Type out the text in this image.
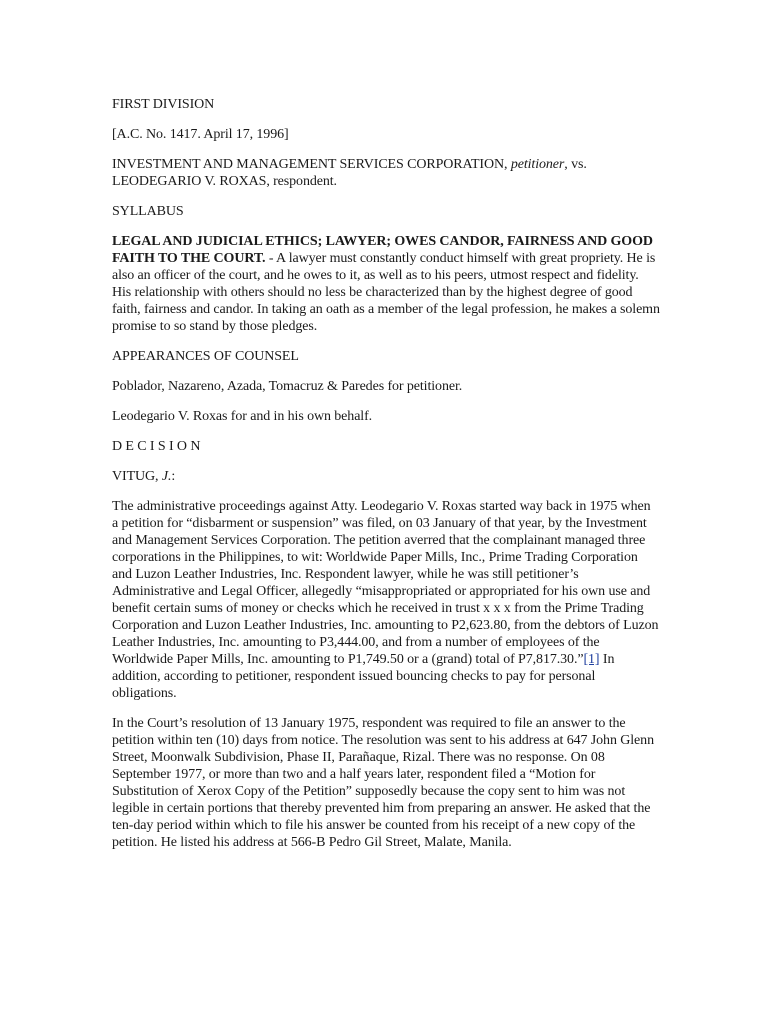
FIRST DIVISION

[A.C. No. 1417. April 17, 1996]

INVESTMENT AND MANAGEMENT SERVICES CORPORATION, petitioner, vs. LEODEGARIO V. ROXAS, respondent.

SYLLABUS

LEGAL AND JUDICIAL ETHICS; LAWYER; OWES CANDOR, FAIRNESS AND GOOD FAITH TO THE COURT. - A lawyer must constantly conduct himself with great propriety. He is also an officer of the court, and he owes to it, as well as to his peers, utmost respect and fidelity. His relationship with others should no less be characterized than by the highest degree of good faith, fairness and candor. In taking an oath as a member of the legal profession, he makes a solemn promise to so stand by those pledges.

APPEARANCES OF COUNSEL

Poblador, Nazareno, Azada, Tomacruz & Paredes for petitioner.

Leodegario V. Roxas for and in his own behalf.

D E C I S I O N

VITUG, J.:

The administrative proceedings against Atty. Leodegario V. Roxas started way back in 1975 when a petition for “disbarment or suspension” was filed, on 03 January of that year, by the Investment and Management Services Corporation. The petition averred that the complainant managed three corporations in the Philippines, to wit: Worldwide Paper Mills, Inc., Prime Trading Corporation and Luzon Leather Industries, Inc. Respondent lawyer, while he was still petitioner’s Administrative and Legal Officer, allegedly “misappropriated or appropriated for his own use and benefit certain sums of money or checks which he received in trust x x x from the Prime Trading Corporation and Luzon Leather Industries, Inc. amounting to P2,623.80, from the debtors of Luzon Leather Industries, Inc. amounting to P3,444.00, and from a number of employees of the Worldwide Paper Mills, Inc. amounting to P1,749.50 or a (grand) total of P7,817.30.”[1] In addition, according to petitioner, respondent issued bouncing checks to pay for personal obligations.

In the Court’s resolution of 13 January 1975, respondent was required to file an answer to the petition within ten (10) days from notice. The resolution was sent to his address at 647 John Glenn Street, Moonwalk Subdivision, Phase II, Parañaque, Rizal. There was no response. On 08 September 1977, or more than two and a half years later, respondent filed a “Motion for Substitution of Xerox Copy of the Petition” supposedly because the copy sent to him was not legible in certain portions that thereby prevented him from preparing an answer. He asked that the ten-day period within which to file his answer be counted from his receipt of a new copy of the petition. He listed his address at 566-B Pedro Gil Street, Malate, Manila.
